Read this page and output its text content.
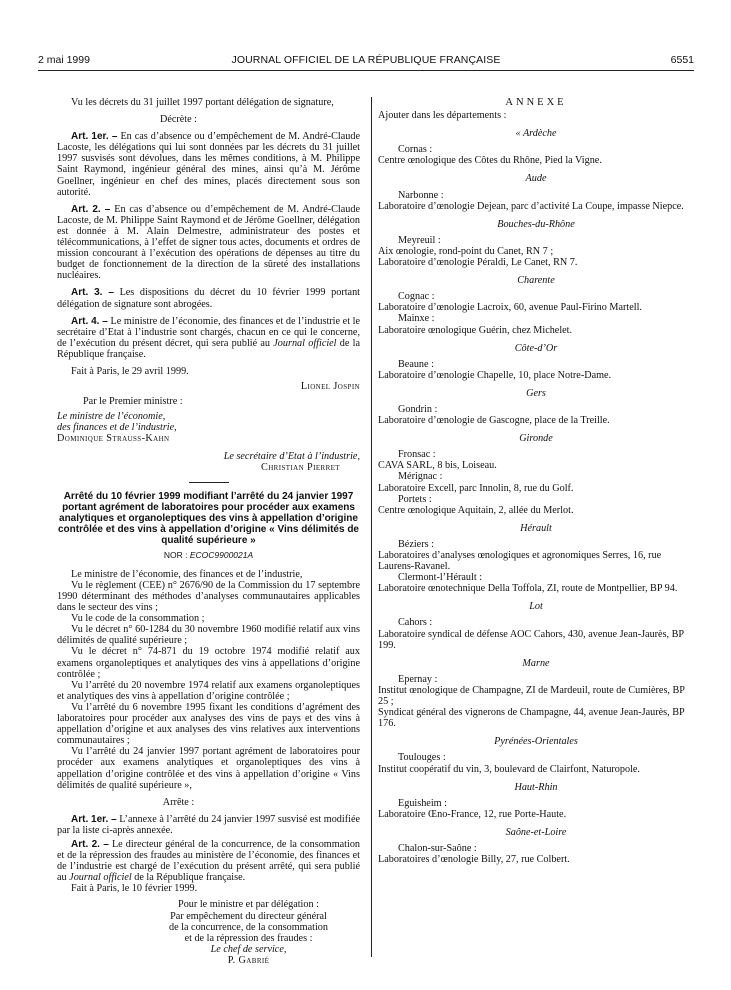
2 mai 1999	JOURNAL OFFICIEL DE LA RÉPUBLIQUE FRANÇAISE	6551

Vu les décrets du 31 juillet 1997 portant délégation de signature,

Décrète :

Art. 1er. – En cas d’absence ou d’empêchement de M. André-Claude Lacoste, les délégations qui lui sont données par les décrets du 31 juillet 1997 susvisés sont dévolues, dans les mêmes conditions, à M. Philippe Saint Raymond, ingénieur général des mines, ainsi qu’à M. Jérôme Goellner, ingénieur en chef des mines, placés directement sous son autorité.

Art. 2. – En cas d’absence ou d’empêchement de M. André-Claude Lacoste, de M. Philippe Saint Raymond et de Jérôme Goellner, délégation est donnée à M. Alain Delmestre, administrateur des postes et télécommunications, à l’effet de signer tous actes, documents et ordres de mission concourant à l’exécution des opérations de dépenses au titre du budget de fonctionnement de la direction de la sûreté des installations nucléaires.

Art. 3. – Les dispositions du décret du 10 février 1999 portant délégation de signature sont abrogées.

Art. 4. – Le ministre de l’économie, des finances et de l’industrie et le secrétaire d’Etat à l’industrie sont chargés, chacun en ce qui le concerne, de l’exécution du présent décret, qui sera publié au Journal officiel de la République française.

Fait à Paris, le 29 avril 1999.

Lionel Jospin

Par le Premier ministre :

Le ministre de l’économie,

des finances et de l’industrie,

Dominique Strauss-Kahn

Le secrétaire d’Etat à l’industrie,

Christian Pierret

Arrêté du 10 février 1999 modifiant l’arrêté du 24 janvier 1997 portant agrément de laboratoires pour procéder aux examens analytiques et organoleptiques des vins à appellation d’origine contrôlée et des vins à appellation d’origine « Vins délimités de qualité supérieure »

NOR : ECOC9900021A

Le ministre de l’économie, des finances et de l’industrie,

Vu le règlement (CEE) n° 2676/90 de la Commission du 17 septembre 1990 déterminant des méthodes d’analyses communautaires applicables dans le secteur des vins ;

Vu le code de la consommation ;

Vu le décret n° 60-1284 du 30 novembre 1960 modifié relatif aux vins délimités de qualité supérieure ;

Vu le décret n° 74-871 du 19 octobre 1974 modifié relatif aux examens organoleptiques et analytiques des vins à appellations d’origine contrôlée ;

Vu l’arrêté du 20 novembre 1974 relatif aux examens organoleptiques et analytiques des vins à appellation d’origine contrôlée ;

Vu l’arrêté du 6 novembre 1995 fixant les conditions d’agrément des laboratoires pour procéder aux analyses des vins de pays et des vins à appellation d’origine et aux analyses des vins relatives aux interventions communautaires ;

Vu l’arrêté du 24 janvier 1997 portant agrément de laboratoires pour procéder aux examens analytiques et organoleptiques des vins à appellation d’origine contrôlée et des vins à appellation d’origine « Vins délimités de qualité supérieure »,

Arrête :

Art. 1er. – L’annexe à l’arrêté du 24 janvier 1997 susvisé est modifiée par la liste ci-après annexée.

Art. 2. – Le directeur général de la concurrence, de la consommation et de la répression des fraudes au ministère de l’économie, des finances et de l’industrie est chargé de l’exécution du présent arrêté, qui sera publié au Journal officiel de la République française.

Fait à Paris, le 10 février 1999.

Pour le ministre et par délégation :

Par empêchement du directeur général

de la concurrence, de la consommation

et de la répression des fraudes :

Le chef de service,

P. Gabrié

ANNEXE

Ajouter dans les départements :

« Ardèche

Cornas :

Centre œnologique des Côtes du Rhône, Pied la Vigne.

Aude

Narbonne :

Laboratoire d’œnologie Dejean, parc d’activité La Coupe, impasse Niepce.

Bouches-du-Rhône

Meyreuil :

Aix œnologie, rond-point du Canet, RN 7 ;

Laboratoire d’œnologie Péraldi, Le Canet, RN 7.

Charente

Cognac :

Laboratoire d’œnologie Lacroix, 60, avenue Paul-Firino Martell.

Mainxe :

Laboratoire œnologique Guérin, chez Michelet.

Côte-d’Or

Beaune :

Laboratoire d’œnologie Chapelle, 10, place Notre-Dame.

Gers

Gondrin :

Laboratoire d’œnologie de Gascogne, place de la Treille.

Gironde

Fronsac :

CAVA SARL, 8 bis, Loiseau.

Mérignac :

Laboratoire Excell, parc Innolin, 8, rue du Golf.

Portets :

Centre œnologique Aquitain, 2, allée du Merlot.

Hérault

Béziers :

Laboratoires d’analyses œnologiques et agronomiques Serres, 16, rue Laurens-Ravanel.

Clermont-l’Hérault :

Laboratoire œnotechnique Della Toffola, ZI, route de Montpellier, BP 94.

Lot

Cahors :

Laboratoire syndical de défense AOC Cahors, 430, avenue Jean-Jaurès, BP 199.

Marne

Epernay :

Institut œnologique de Champagne, ZI de Mardeuil, route de Cumières, BP 25 ;

Syndicat général des vignerons de Champagne, 44, avenue Jean-Jaurès, BP 176.

Pyrénées-Orientales

Toulouges :

Institut coopératif du vin, 3, boulevard de Clairfont, Naturopole.

Haut-Rhin

Eguisheim :

Laboratoire Œno-France, 12, rue Porte-Haute.

Saône-et-Loire

Chalon-sur-Saône :

Laboratoires d’œnologie Billy, 27, rue Colbert.
